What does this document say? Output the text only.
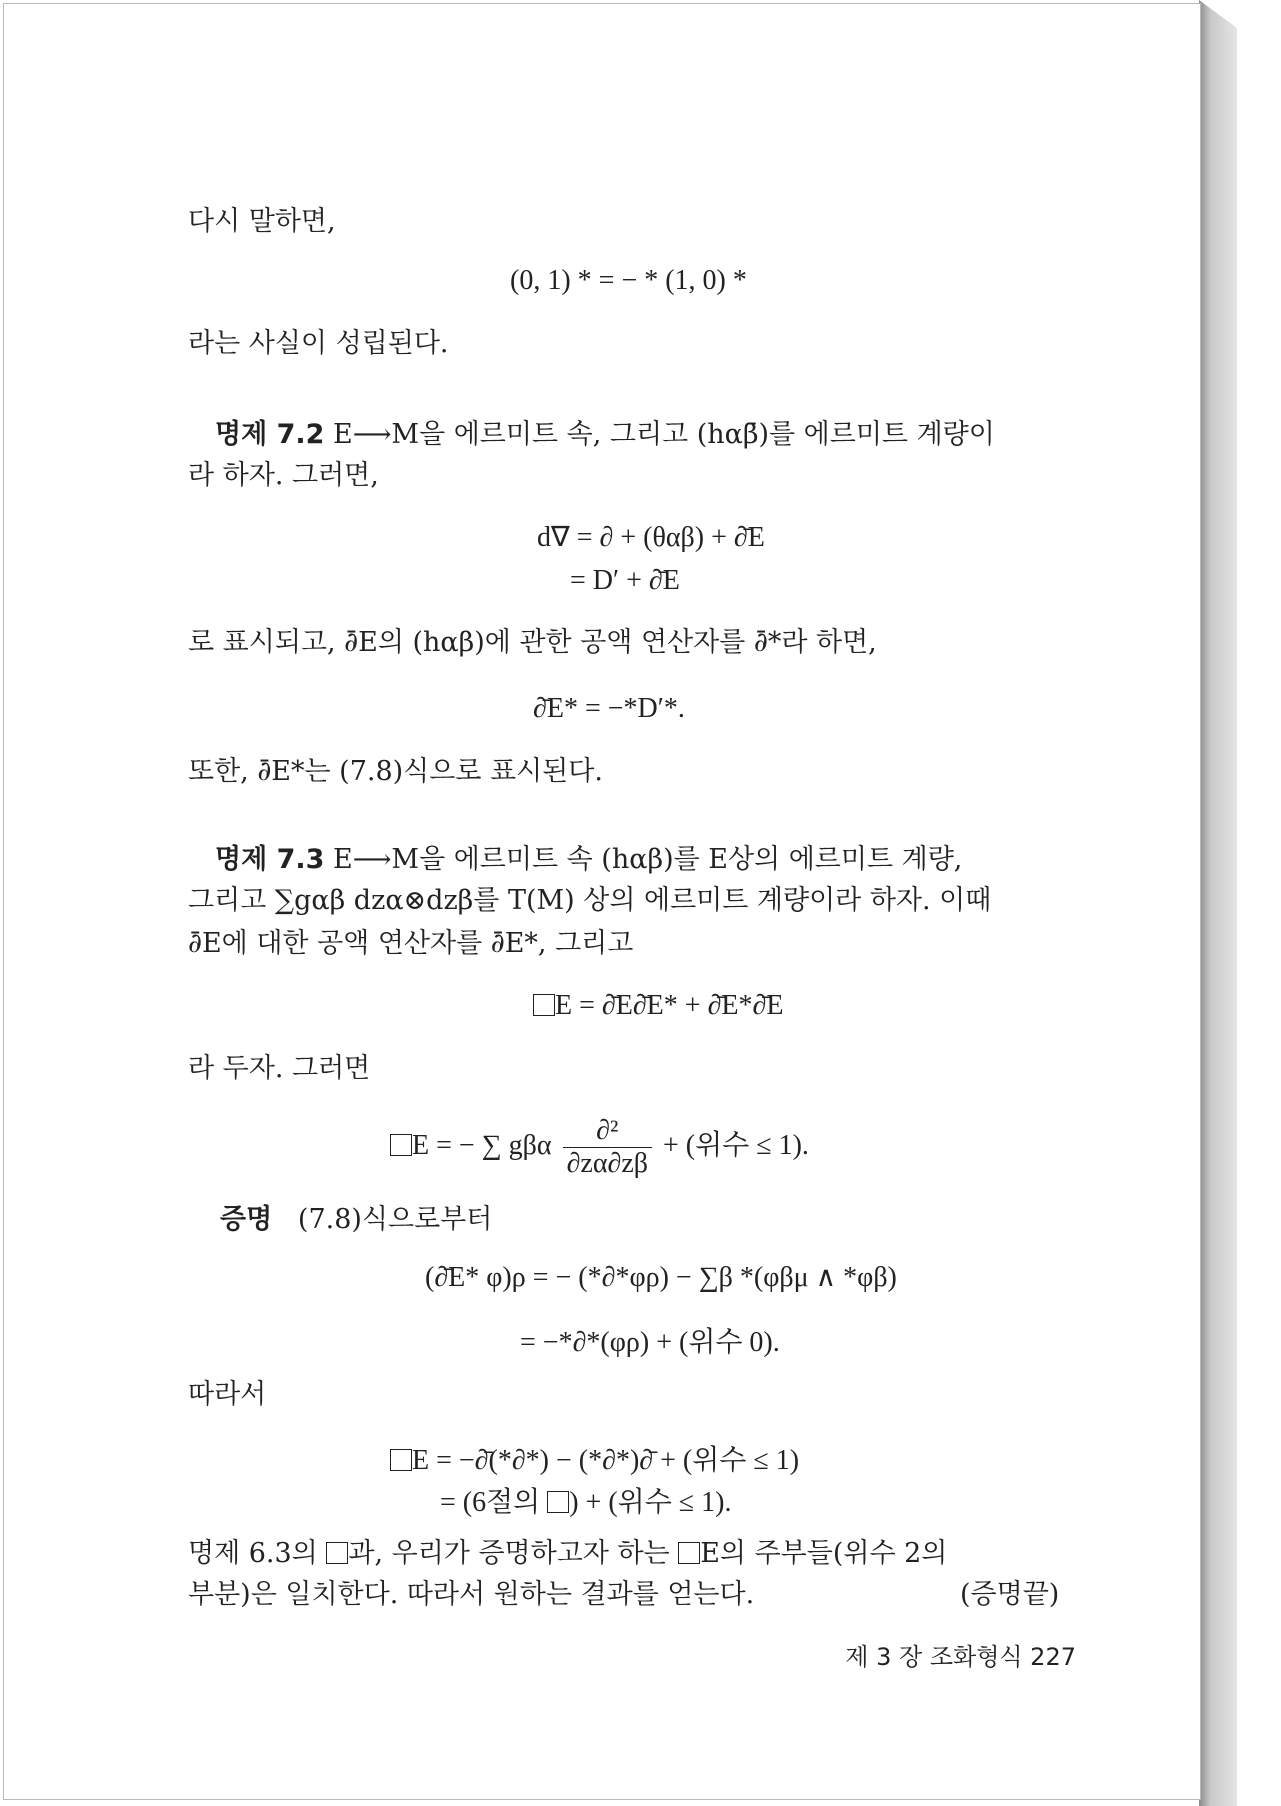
다시 말하면,
(0, 1) * = − * (1, 0) *
라는 사실이 성립된다.
명제 7.2 E⟶M을 에르미트 속, 그리고 (hαβ̄)를 에르미트 계량이
라 하자. 그러면,
d∇ = ∂ + (θαβ) + ∂̄E
= D′ + ∂̄E
로 표시되고, ∂̄E의 (hαβ)에 관한 공액 연산자를 ∂̄*라 하면,
∂̄E* = −*D′*.
또한, ∂̄E*는 (7.8)식으로 표시된다.
명제 7.3 E⟶M을 에르미트 속 (hαβ)를 E상의 에르미트 계량,
그리고 ∑gαβ dzα⊗dzβ를 T(M) 상의 에르미트 계량이라 하자. 이때
∂̄E에 대한 공액 연산자를 ∂̄E*, 그리고
E = ∂̄E∂̄E* + ∂̄E*∂̄E
라 두자. 그러면
E = − ∑ gβα $\frac{\text{∂²}}{\partial z\alpha\partial z\beta}$ + (위수 ≤ 1).
증명 (7.8)식으로부터
(∂̄E* φ)ρ = − (*∂*φρ) − ∑β *(φβμ ∧ *φβ)
= −*∂*(φρ) + (위수 0).
따라서
E = −∂̄(*∂*) − (*∂*)∂̄ + (위수 ≤ 1)
= (6절의 ) + (위수 ≤ 1).
명제 6.3의 과, 우리가 증명하고자 하는 E의 주부들(위수 2의
부분)은 일치한다. 따라서 원하는 결과를 얻는다.	(증명끝)
제 3 장 조화형식 227
